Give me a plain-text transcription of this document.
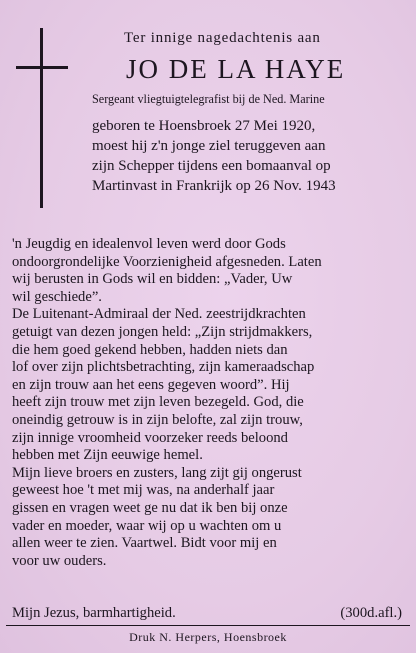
Ter innige nagedachtenis aan
JO DE LA HAYE
Sergeant vliegtuigtelegrafist bij de Ned. Marine
geboren te Hoensbroek 27 Mei 1920,
moest hij z'n jonge ziel teruggeven aan
zijn Schepper tijdens een bomaanval op
Martinvast in Frankrijk op 26 Nov. 1943
'n Jeugdig en idealenvol leven werd door Gods
ondoorgrondelijke Voorzienigheid afgesneden. Laten
wij berusten in Gods wil en bidden: „Vader, Uw
wil geschiede”.
De Luitenant-Admiraal der Ned. zeestrijdkrachten
getuigt van dezen jongen held: „Zijn strijdmakkers,
die hem goed gekend hebben, hadden niets dan
lof over zijn plichtsbetrachting, zijn kameraadschap
en zijn trouw aan het eens gegeven woord”. Hij
heeft zijn trouw met zijn leven bezegeld. God, die
oneindig getrouw is in zijn belofte, zal zijn trouw,
zijn innige vroomheid voorzeker reeds beloond
hebben met Zijn eeuwige hemel.
Mijn lieve broers en zusters, lang zijt gij ongerust
geweest hoe 't met mij was, na anderhalf jaar
gissen en vragen weet ge nu dat ik ben bij onze
vader en moeder, waar wij op u wachten om u
allen weer te zien. Vaartwel. Bidt voor mij en
voor uw ouders.
Mijn Jezus, barmhartigheid.	(300d.afl.)
Druk N. Herpers, Hoensbroek
